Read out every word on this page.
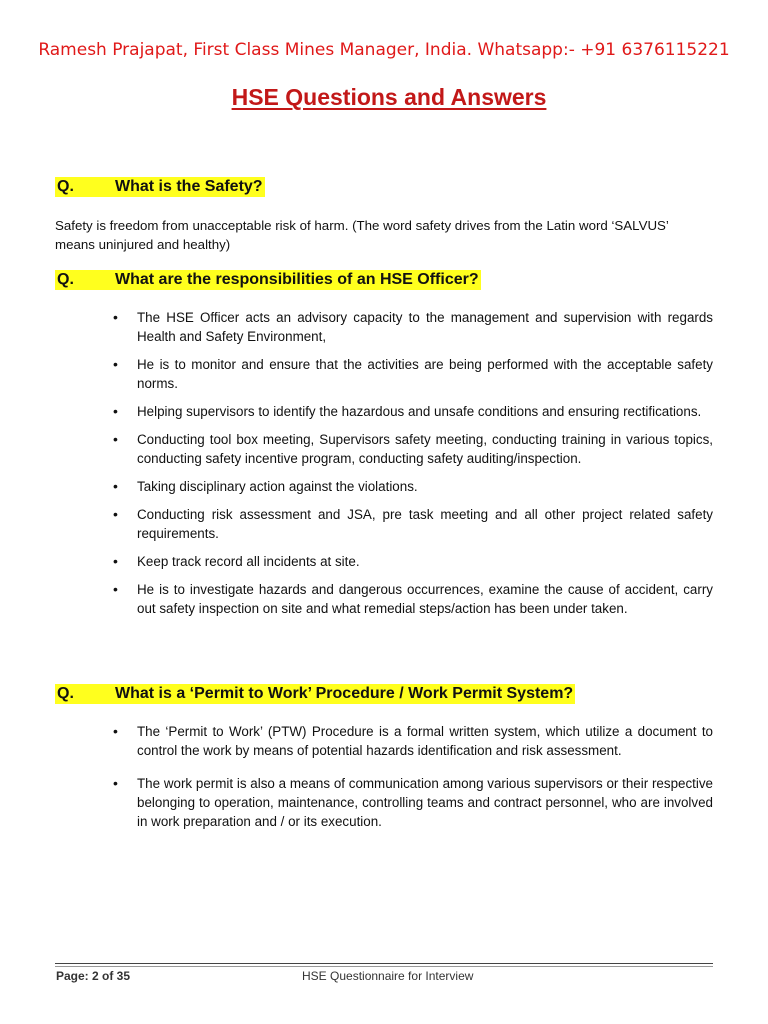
Ramesh Prajapat, First Class Mines Manager, India. Whatsapp:- +91 6376115221
HSE Questions and Answers
Q.	What is the Safety?
Safety is freedom from unacceptable risk of harm. (The word safety drives from the Latin word ‘SALVUS’ means uninjured and healthy)
Q.	What are the responsibilities of an HSE Officer?
• The HSE Officer acts an advisory capacity to the management and supervision with regards Health and Safety Environment,
• He is to monitor and ensure that the activities are being performed with the acceptable safety norms.
• Helping supervisors to identify the hazardous and unsafe conditions and ensuring rectifications.
• Conducting tool box meeting, Supervisors safety meeting, conducting training in various topics, conducting safety incentive program, conducting safety auditing/inspection.
• Taking disciplinary action against the violations.
• Conducting risk assessment and JSA, pre task meeting and all other project related safety requirements.
• Keep track record all incidents at site.
• He is to investigate hazards and dangerous occurrences, examine the cause of accident, carry out safety inspection on site and what remedial steps/action has been under taken.
Q.	What is a ‘Permit to Work’ Procedure / Work Permit System?
• The ‘Permit to Work’ (PTW) Procedure is a formal written system, which utilize a document to control the work by means of potential hazards identification and risk assessment.
• The work permit is also a means of communication among various supervisors or their respective belonging to operation, maintenance, controlling teams and contract personnel, who are involved in work preparation and / or its execution.
Page: 2 of 35	HSE Questionnaire for Interview
